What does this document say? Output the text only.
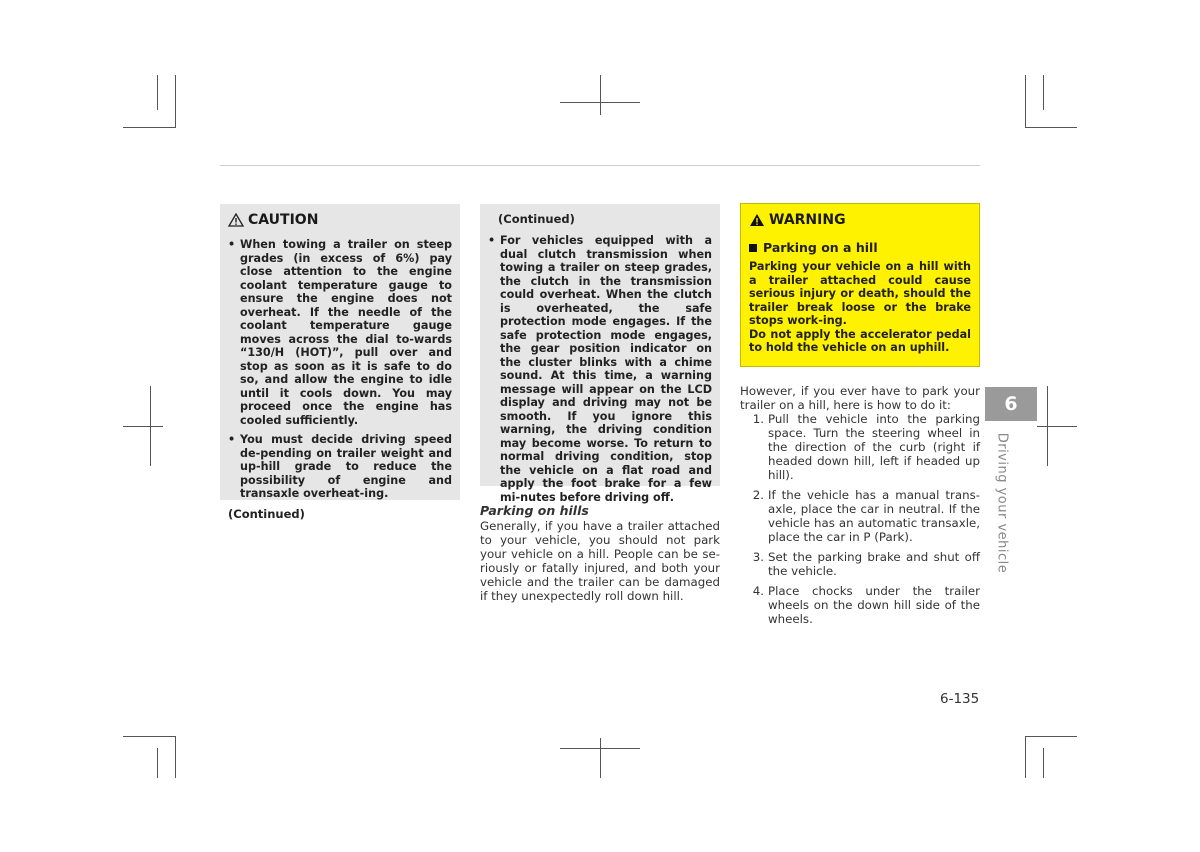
CAUTION
• When towing a trailer on steep grades (in excess of 6%) pay close attention to the engine coolant temperature gauge to ensure the engine does not overheat. If the needle of the coolant temperature gauge moves across the dial to-wards “130/H (HOT)”, pull over and stop as soon as it is safe to do so, and allow the engine to idle until it cools down. You may proceed once the engine has cooled sufficiently.
• You must decide driving speed de-pending on trailer weight and up-hill grade to reduce the possibility of engine and transaxle overheat-ing.
(Continued)
(Continued)
• For vehicles equipped with a dual clutch transmission when towing a trailer on steep grades, the clutch in the transmission could overheat. When the clutch is overheated, the safe protection mode engages. If the safe protection mode engages, the gear position indicator on the cluster blinks with a chime sound. At this time, a warning message will appear on the LCD display and driving may not be smooth. If you ignore this warning, the driving condition may become worse. To return to normal driving condition, stop the vehicle on a flat road and apply the foot brake for a few mi-nutes before driving off.
Parking on hills

Generally, if you have a trailer attached to your vehicle, you should not park your vehicle on a hill. People can be se-riously or fatally injured, and both your vehicle and the trailer can be damaged if they unexpectedly roll down hill.

WARNING
Parking on a hill

Parking your vehicle on a hill with a trailer attached could cause serious injury or death, should the trailer break loose or the brake stops work-ing.

Do not apply the accelerator pedal to hold the vehicle on an uphill.

However, if you ever have to park your trailer on a hill, here is how to do it:

1. Pull the vehicle into the parking space. Turn the steering wheel in the direction of the curb (right if headed down hill, left if headed up hill).
2. If the vehicle has a manual trans-axle, place the car in neutral. If the vehicle has an automatic transaxle, place the car in P (Park).
3. Set the parking brake and shut off the vehicle.
4. Place chocks under the trailer wheels on the down hill side of the wheels.
6
Driving your vehicle
6-135
